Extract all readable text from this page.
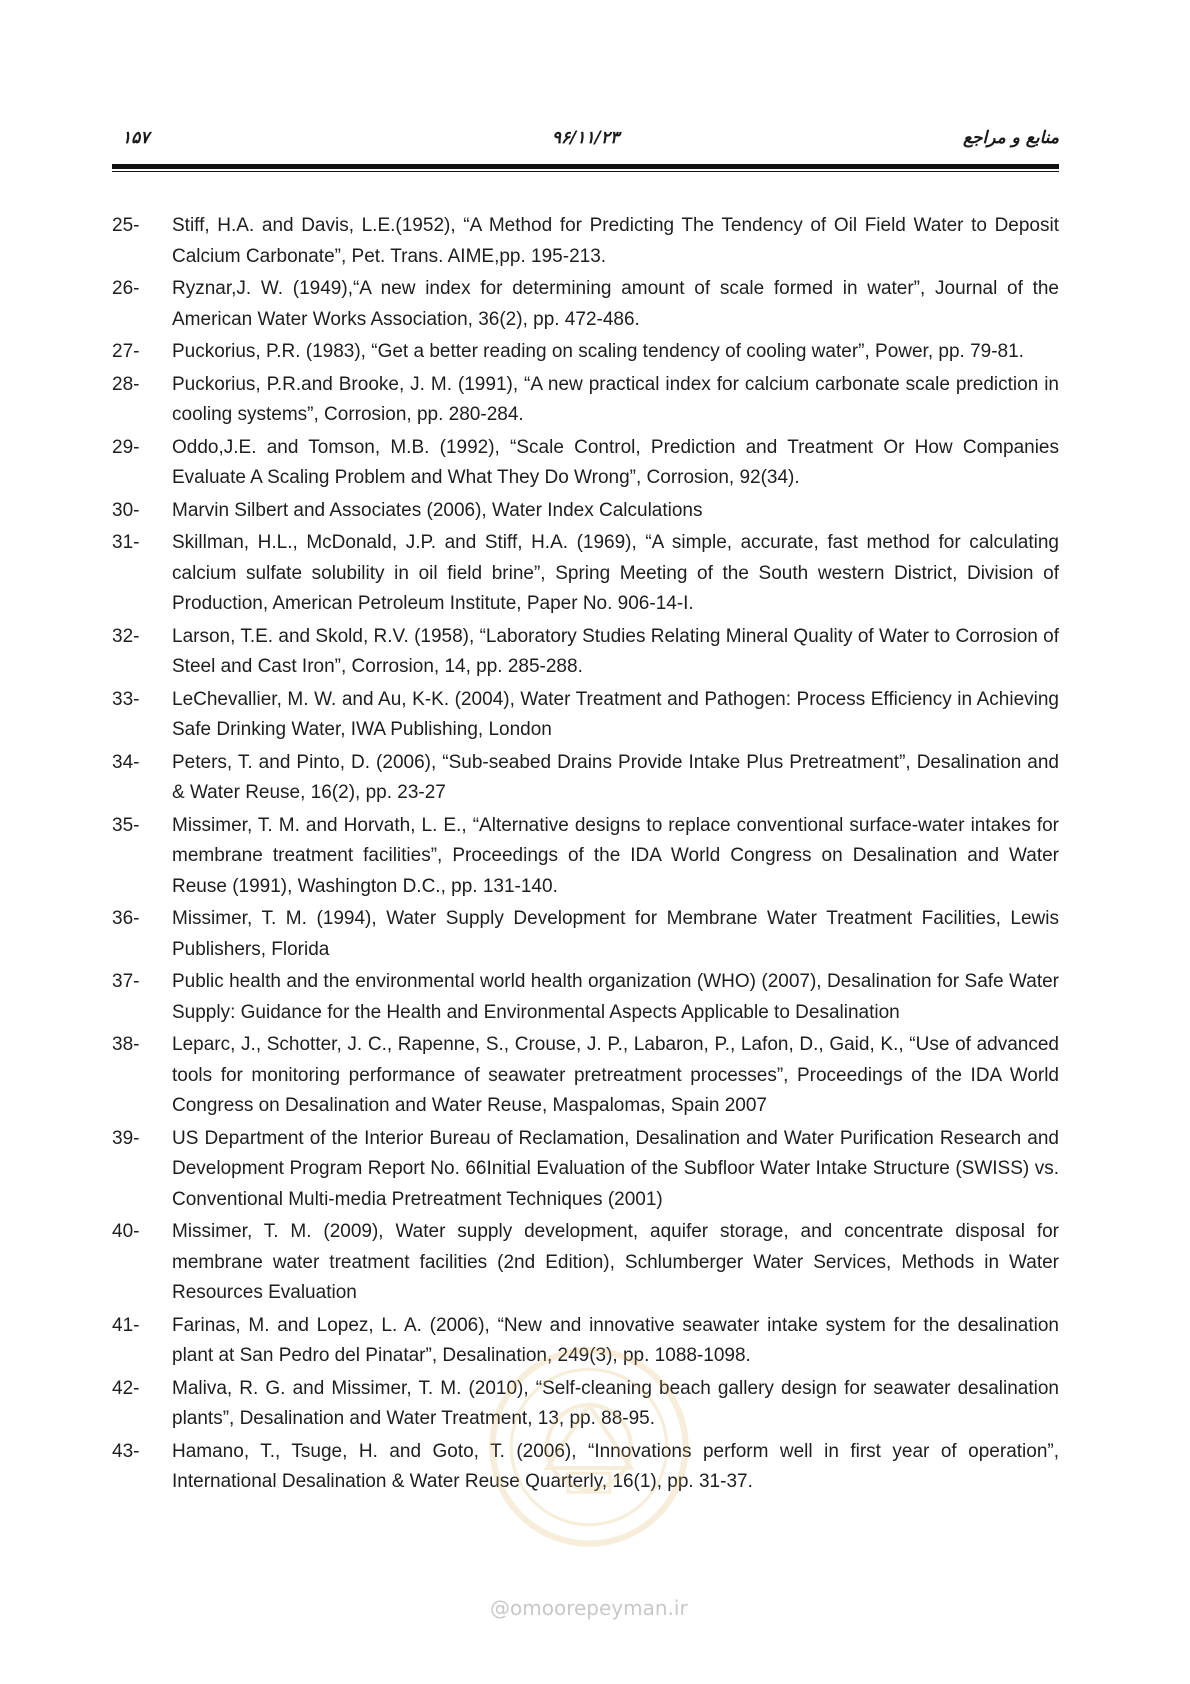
منابع و مراجع
۹۶/۱۱/۲۳
۱۵۷
25-	Stiff, H.A. and Davis, L.E.(1952), “A Method for Predicting The Tendency of Oil Field Water to Deposit Calcium Carbonate”, Pet. Trans. AIME,pp. 195-213.
26-	Ryznar,J. W. (1949),“A new index for determining amount of scale formed in water”, Journal of the American Water Works Association, 36(2), pp. 472-486.
27-	Puckorius, P.R. (1983), “Get a better reading on scaling tendency of cooling water”, Power, pp. 79-81.
28-	Puckorius, P.R.and Brooke, J. M. (1991), “A new practical index for calcium carbonate scale prediction in cooling systems”, Corrosion, pp. 280-284.
29-	Oddo,J.E. and Tomson, M.B. (1992), “Scale Control, Prediction and Treatment Or How Companies Evaluate A Scaling Problem and What They Do Wrong”, Corrosion, 92(34).
30-	Marvin Silbert and Associates (2006), Water Index Calculations
31-	Skillman, H.L., McDonald, J.P. and Stiff, H.A. (1969), “A simple, accurate, fast method for calculating calcium sulfate solubility in oil field brine”, Spring Meeting of the South western District, Division of Production, American Petroleum Institute, Paper No. 906-14-I.
32-	Larson, T.E. and Skold, R.V. (1958), “Laboratory Studies Relating Mineral Quality of Water to Corrosion of Steel and Cast Iron”, Corrosion, 14, pp. 285-288.
33-	LeChevallier, M. W. and Au, K-K. (2004), Water Treatment and Pathogen: Process Efficiency in Achieving Safe Drinking Water, IWA Publishing, London
34-	Peters, T. and Pinto, D. (2006), “Sub-seabed Drains Provide Intake Plus Pretreatment”, Desalination and & Water Reuse, 16(2), pp. 23-27
35-	Missimer, T. M. and Horvath, L. E., “Alternative designs to replace conventional surface-water intakes for membrane treatment facilities”, Proceedings of the IDA World Congress on Desalination and Water Reuse (1991), Washington D.C., pp. 131-140.
36-	Missimer, T. M. (1994), Water Supply Development for Membrane Water Treatment Facilities, Lewis Publishers, Florida
37-	Public health and the environmental world health organization (WHO) (2007), Desalination for Safe Water Supply: Guidance for the Health and Environmental Aspects Applicable to Desalination
38-	Leparc, J., Schotter, J. C., Rapenne, S., Crouse, J. P., Labaron, P., Lafon, D., Gaid, K., “Use of advanced tools for monitoring performance of seawater pretreatment processes”, Proceedings of the IDA World Congress on Desalination and Water Reuse, Maspalomas, Spain 2007
39-	US Department of the Interior Bureau of Reclamation, Desalination and Water Purification Research and Development Program Report No. 66Initial Evaluation of the Subfloor Water Intake Structure (SWISS) vs. Conventional Multi-media Pretreatment Techniques (2001)
40-	Missimer, T. M. (2009), Water supply development, aquifer storage, and concentrate disposal for membrane water treatment facilities (2nd Edition), Schlumberger Water Services, Methods in Water Resources Evaluation
41-	Farinas, M. and Lopez, L. A. (2006), “New and innovative seawater intake system for the desalination plant at San Pedro del Pinatar”, Desalination, 249(3), pp. 1088-1098.
42-	Maliva, R. G. and Missimer, T. M. (2010), “Self-cleaning beach gallery design for seawater desalination plants”, Desalination and Water Treatment, 13, pp. 88-95.
43-	Hamano, T., Tsuge, H. and Goto, T. (2006), “Innovations perform well in first year of operation”, International Desalination & Water Reuse Quarterly, 16(1), pp. 31-37.
@omoorepeyman.ir
